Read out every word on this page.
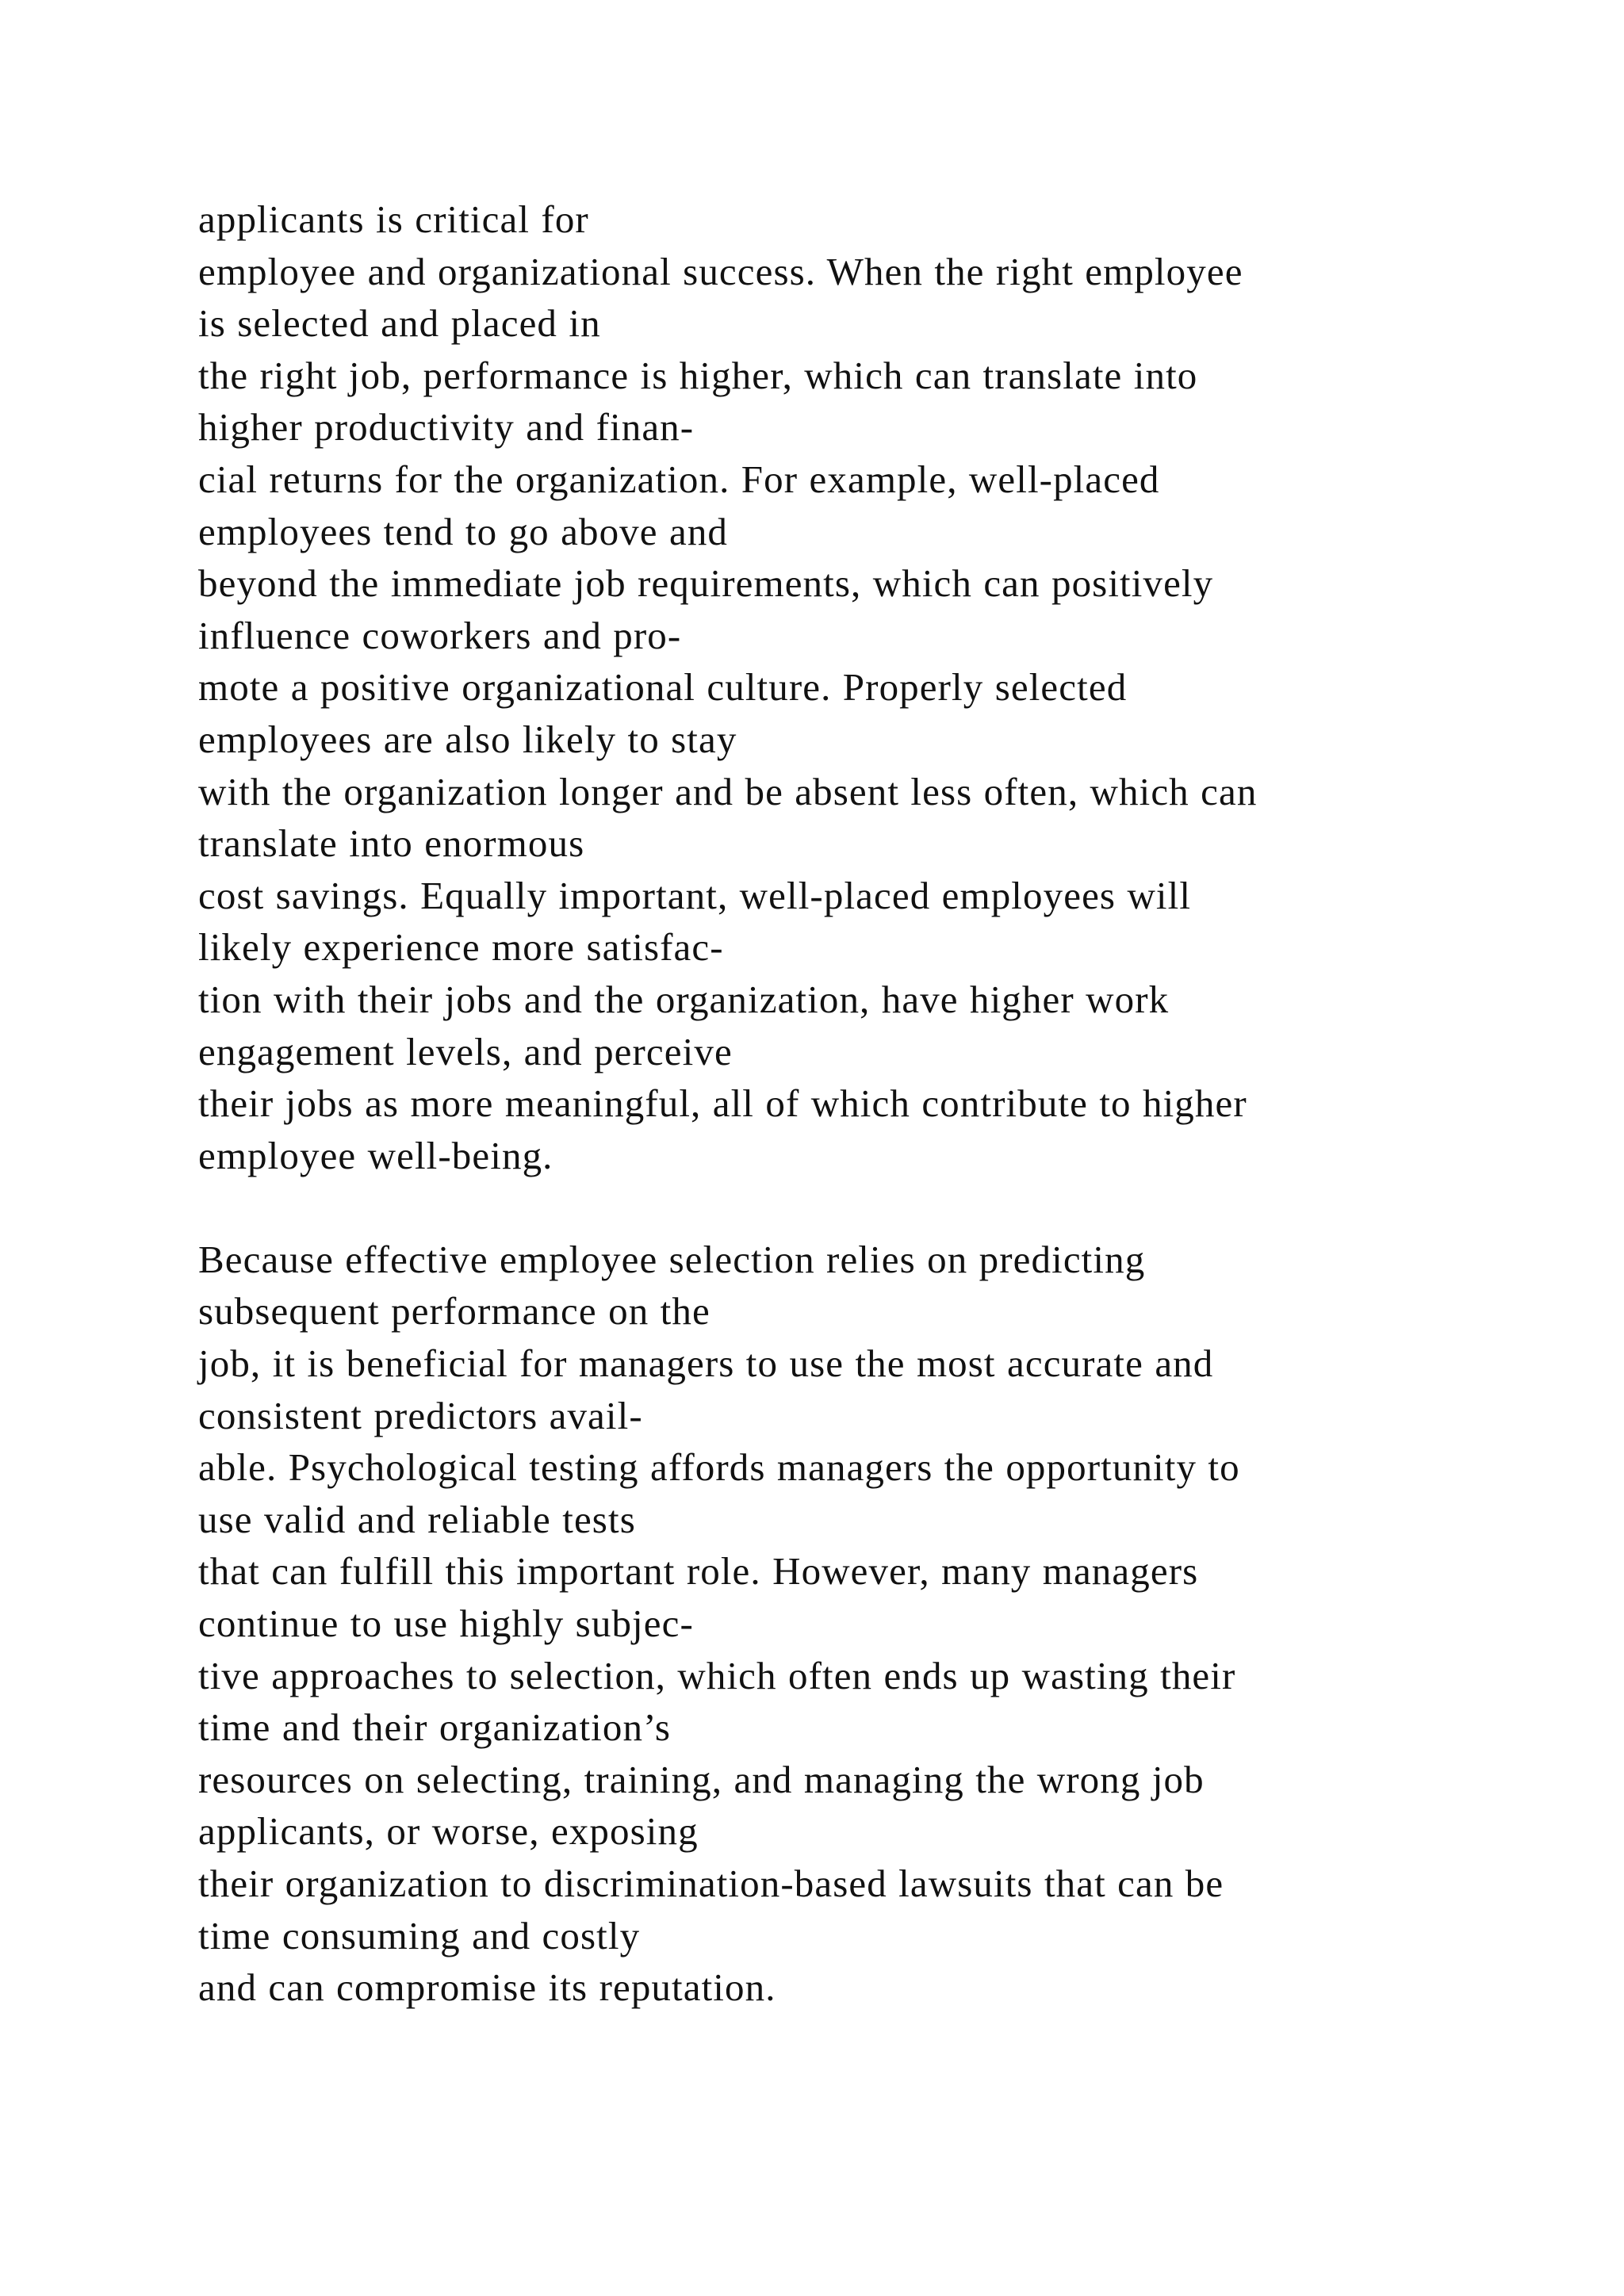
applicants is critical for
employee and organizational success. When the right employee
is selected and placed in
the right job, performance is higher, which can translate into
higher productivity and finan-
cial returns for the organization. For example, well-placed
employees tend to go above and
beyond the immediate job requirements, which can positively
influence coworkers and pro-
mote a positive organizational culture. Properly selected
employees are also likely to stay
with the organization longer and be absent less often, which can
translate into enormous
cost savings. Equally important, well-placed employees will
likely experience more satisfac-
tion with their jobs and the organization, have higher work
engagement levels, and perceive
their jobs as more meaningful, all of which contribute to higher
employee well-being.
Because effective employee selection relies on predicting
subsequent performance on the
job, it is beneficial for managers to use the most accurate and
consistent predictors avail-
able. Psychological testing affords managers the opportunity to
use valid and reliable tests
that can fulfill this important role. However, many managers
continue to use highly subjec-
tive approaches to selection, which often ends up wasting their
time and their organization’s
resources on selecting, training, and managing the wrong job
applicants, or worse, exposing
their organization to discrimination-based lawsuits that can be
time consuming and costly
and can compromise its reputation.
